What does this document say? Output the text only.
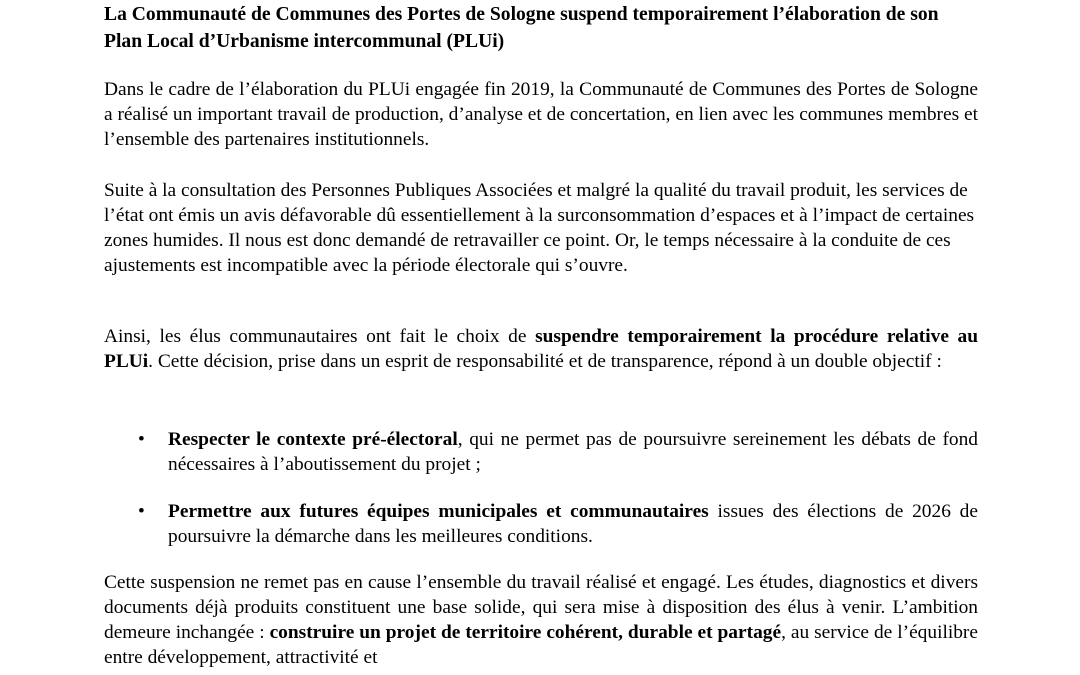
La Communauté de Communes des Portes de Sologne suspend temporairement l’élaboration de son Plan Local d’Urbanisme intercommunal (PLUi)

Dans le cadre de l’élaboration du PLUi engagée fin 2019, la Communauté de Communes des Portes de Sologne a réalisé un important travail de production, d’analyse et de concertation, en lien avec les communes membres et l’ensemble des partenaires institutionnels.

Suite à la consultation des Personnes Publiques Associées et malgré la qualité du travail produit, les services de l’état ont émis un avis défavorable dû essentiellement à la surconsommation d’espaces et à l’impact de certaines zones humides. Il nous est donc demandé de retravailler ce point. Or, le temps nécessaire à la conduite de ces ajustements est incompatible avec la période électorale qui s’ouvre.

Ainsi, les élus communautaires ont fait le choix de suspendre temporairement la procédure relative au PLUi. Cette décision, prise dans un esprit de responsabilité et de transparence, répond à un double objectif :

• Respecter le contexte pré-électoral, qui ne permet pas de poursuivre sereinement les débats de fond nécessaires à l’aboutissement du projet ;
• Permettre aux futures équipes municipales et communautaires issues des élections de 2026 de poursuivre la démarche dans les meilleures conditions.

Cette suspension ne remet pas en cause l’ensemble du travail réalisé et engagé. Les études, diagnostics et divers documents déjà produits constituent une base solide, qui sera mise à disposition des élus à venir. L’ambition demeure inchangée : construire un projet de territoire cohérent, durable et partagé, au service de l’équilibre entre développement, attractivité et
